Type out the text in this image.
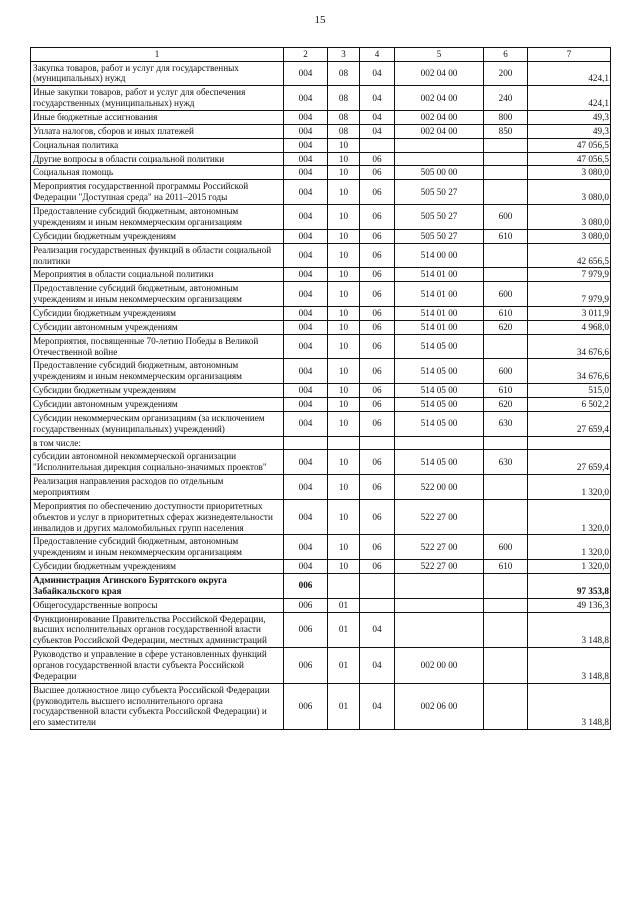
15
1	2	3	4	5	6	7
Закупка товаров, работ и услуг для государственных (муниципальных) нужд	004	08	04	002 04 00	200	424,1
Иные закупки товаров, работ и услуг для обеспечения государственных (муниципальных) нужд	004	08	04	002 04 00	240	424,1
Иные бюджетные ассигнования	004	08	04	002 04 00	800	49,3
Уплата налогов, сборов и иных платежей	004	08	04	002 04 00	850	49,3
Социальная политика	004	10				47 056,5
Другие вопросы в области социальной политики	004	10	06			47 056,5
Социальная помощь	004	10	06	505 00 00		3 080,0
Мероприятия государственной программы Российской Федерации "Доступная среда" на 2011–2015 годы	004	10	06	505 50 27		3 080,0
Предоставление субсидий бюджетным, автономным учреждениям и иным некоммерческим организациям	004	10	06	505 50 27	600	3 080,0
Субсидии бюджетным учреждениям	004	10	06	505 50 27	610	3 080,0
Реализация государственных функций в области социальной политики	004	10	06	514 00 00		42 656,5
Мероприятия в области социальной политики	004	10	06	514 01 00		7 979,9
Предоставление субсидий бюджетным, автономным учреждениям и иным некоммерческим организациям	004	10	06	514 01 00	600	7 979,9
Субсидии бюджетным учреждениям	004	10	06	514 01 00	610	3 011,9
Субсидии автономным учреждениям	004	10	06	514 01 00	620	4 968,0
Мероприятия, посвященные 70-летию Победы в Великой Отечественной войне	004	10	06	514 05 00		34 676,6
Предоставление субсидий бюджетным, автономным учреждениям и иным некоммерческим организациям	004	10	06	514 05 00	600	34 676,6
Субсидии бюджетным учреждениям	004	10	06	514 05 00	610	515,0
Субсидии автономным учреждениям	004	10	06	514 05 00	620	6 502,2
Субсидии некоммерческим организациям (за исключением государственных (муниципальных) учреждений)	004	10	06	514 05 00	630	27 659,4
в том числе:						
субсидии автономной некоммерческой организации "Исполнительная дирекция социально-значимых проектов"	004	10	06	514 05 00	630	27 659,4
Реализация направления расходов по отдельным мероприятиям	004	10	06	522 00 00		1 320,0
Мероприятия по обеспечению доступности приоритетных объектов и услуг в приоритетных сферах жизнедеятельности инвалидов и других маломобильных групп населения	004	10	06	522 27 00		1 320,0
Предоставление субсидий бюджетным, автономным учреждениям и иным некоммерческим организациям	004	10	06	522 27 00	600	1 320,0
Субсидии бюджетным учреждениям	004	10	06	522 27 00	610	1 320,0
Администрация Агинского Бурятского округа Забайкальского края	006					97 353,8
Общегосударственные вопросы	006	01				49 136,3
Функционирование Правительства Российской Федерации, высших исполнительных органов государственной власти субъектов Российской Федерации, местных администраций	006	01	04			3 148,8
Руководство и управление в сфере установленных функций органов государственной власти субъекта Российской Федерации	006	01	04	002 00 00		3 148,8
Высшее должностное лицо субъекта Российской Федерации (руководитель высшего исполнительного органа государственной власти субъекта Российской Федерации) и его заместители	006	01	04	002 06 00		3 148,8
